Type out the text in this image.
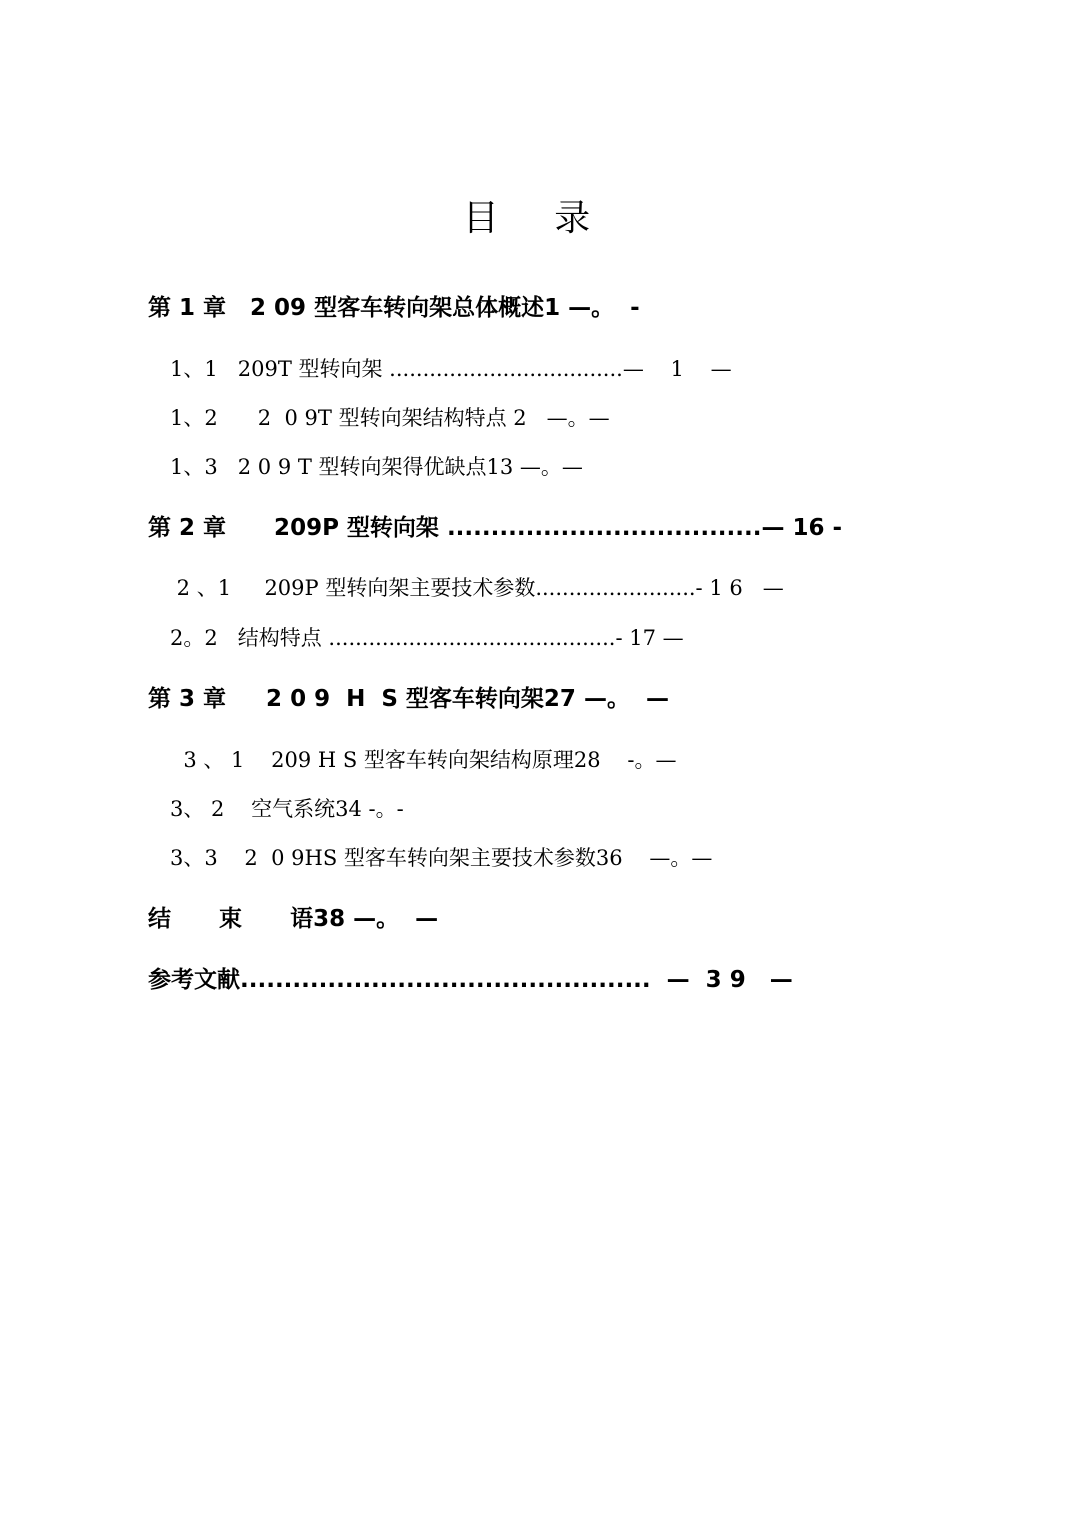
目 录
第 1 章   2 09 型客车转向架总体概述1 —。  -
1、1   209T 型转向架 ...................................—    1    —
1、2      2  0 9T 型转向架结构特点 2   —。—
1、3   2 0 9 T 型转向架得优缺点13 —。—
第 2 章      209P 型转向架 ....................................— 16 -
2 、1     209P 型转向架主要技术参数........................- 1 6   —
2。2   结构特点 ...........................................- 17 —
第 3 章     2 0 9  H  S 型客车转向架27 —。  —
3 、 1    209 H S 型客车转向架结构原理28    -。—
3、 2    空气系统34 -。-
3、3    2  0 9HS 型客车转向架主要技术参数36    —。—
结      束      语38 —。  —
参考文献...............................................  —  3 9   —
